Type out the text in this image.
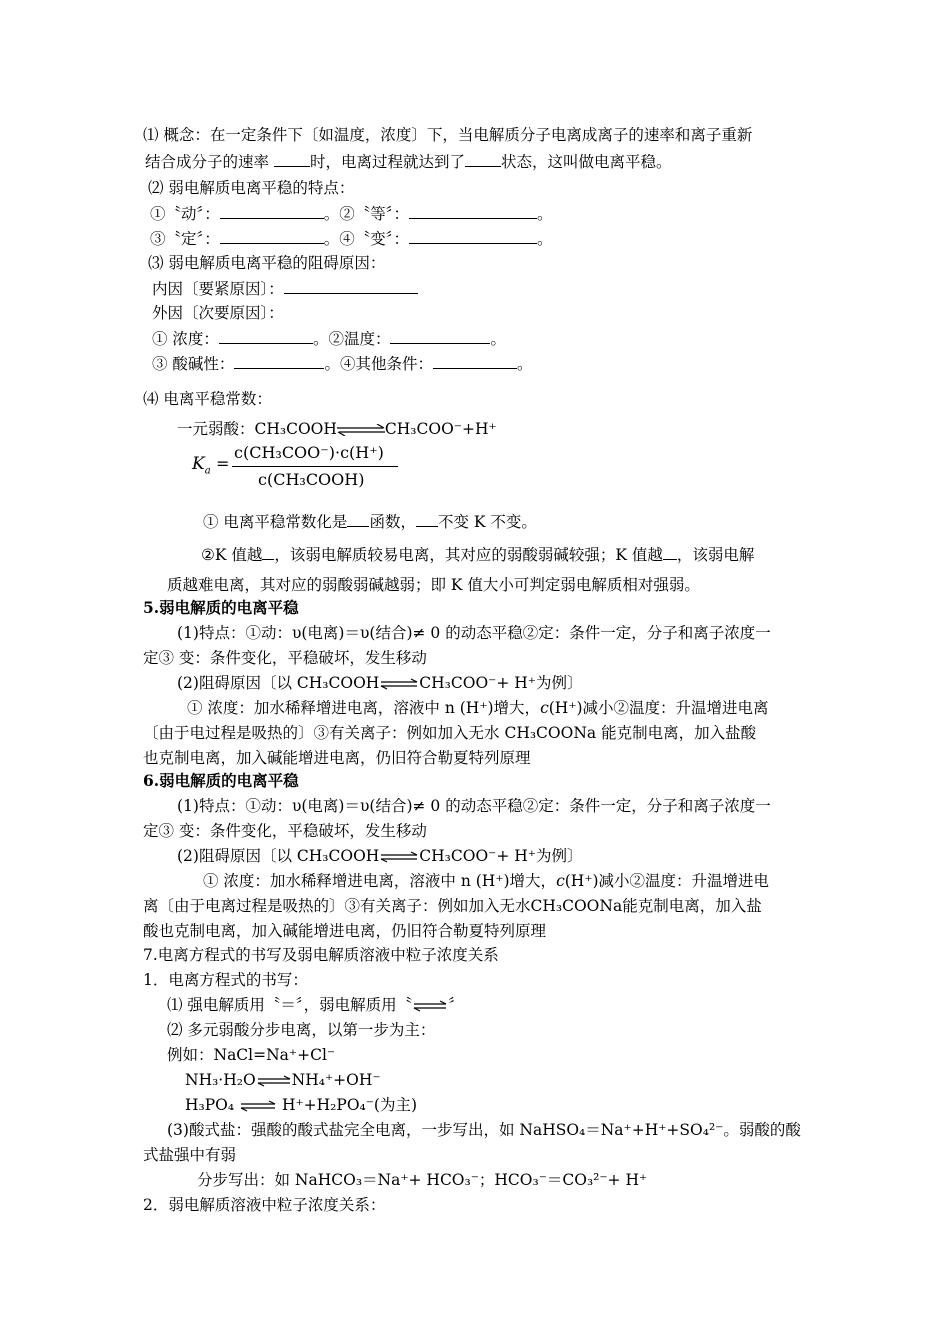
⑴ 概念：在一定条件下〔如温度，浓度〕下，当电解质分子电离成离子的速率和离子重新
结合成分子的速率 时，电离过程就达到了 状态，这叫做电离平稳。
⑵ 弱电解质电离平稳的特点：
①〝动〞：	。②〝等〞：	。
③〝定〞：	。④〝变〞：	。
⑶ 弱电解质电离平稳的阻碍原因：
内因〔要紧原因〕：
外因〔次要原因〕：
① 浓度：	。②温度：	。
③ 酸碱性：	。④其他条件：	。
⑷ 电离平稳常数：
一元弱酸：CH₃COOH⇌CH₃COO⁻+H⁺
$K_a$ =
c(CH₃COO⁻)·c(H⁺)
c(CH₃COOH)
① 电离平稳常数化是 函数， 不变 K 不变。
②K 值越 ，该弱电解质较易电离，其对应的弱酸弱碱较强；K 值越 ，该弱电解
质越难电离，其对应的弱酸弱碱越弱；即 K 值大小可判定弱电解质相对强弱。
5.弱电解质的电离平稳
(1)特点：①动：υ(电离)＝υ(结合)≠ 0 的动态平稳②定：条件一定，分子和离子浓度一
定③ 变：条件变化，平稳破坏，发生移动
(2)阻碍原因〔以 CH₃COOH⇌CH₃COO⁻+ H⁺为例〕
① 浓度：加水稀释增进电离，溶液中 n (H⁺)增大，c(H⁺)减小②温度：升温增进电离
〔由于电过程是吸热的〕③有关离子：例如加入无水 CH₃COONa 能克制电离，加入盐酸
也克制电离，加入碱能增进电离，仍旧符合勒夏特列原理
6.弱电解质的电离平稳
(1)特点：①动：υ(电离)＝υ(结合)≠ 0 的动态平稳②定：条件一定，分子和离子浓度一
定③ 变：条件变化，平稳破坏，发生移动
(2)阻碍原因〔以 CH₃COOH⇌CH₃COO⁻+ H⁺为例〕
① 浓度：加水稀释增进电离，溶液中 n (H⁺)增大，c(H⁺)减小②温度：升温增进电
离〔由于电离过程是吸热的〕③有关离子：例如加入无水CH₃COONa能克制电离，加入盐
酸也克制电离，加入碱能增进电离，仍旧符合勒夏特列原理
7.电离方程式的书写及弱电解质溶液中粒子浓度关系
1．电离方程式的书写：
⑴ 强电解质用〝＝〞，弱电解质用〝⇌〞
⑵ 多元弱酸分步电离，以第一步为主：
例如：NaCl=Na⁺+Cl⁻
NH₃·H₂O⇌NH₄⁺+OH⁻
H₃PO₄ ⇌ H⁺+H₂PO₄⁻(为主)
(3)酸式盐：强酸的酸式盐完全电离，一步写出，如 NaHSO₄＝Na⁺+H⁺+SO₄²⁻。弱酸的酸
式盐强中有弱
分步写出：如 NaHCO₃＝Na⁺+ HCO₃⁻；HCO₃⁻＝CO₃²⁻+ H⁺
2．弱电解质溶液中粒子浓度关系：
